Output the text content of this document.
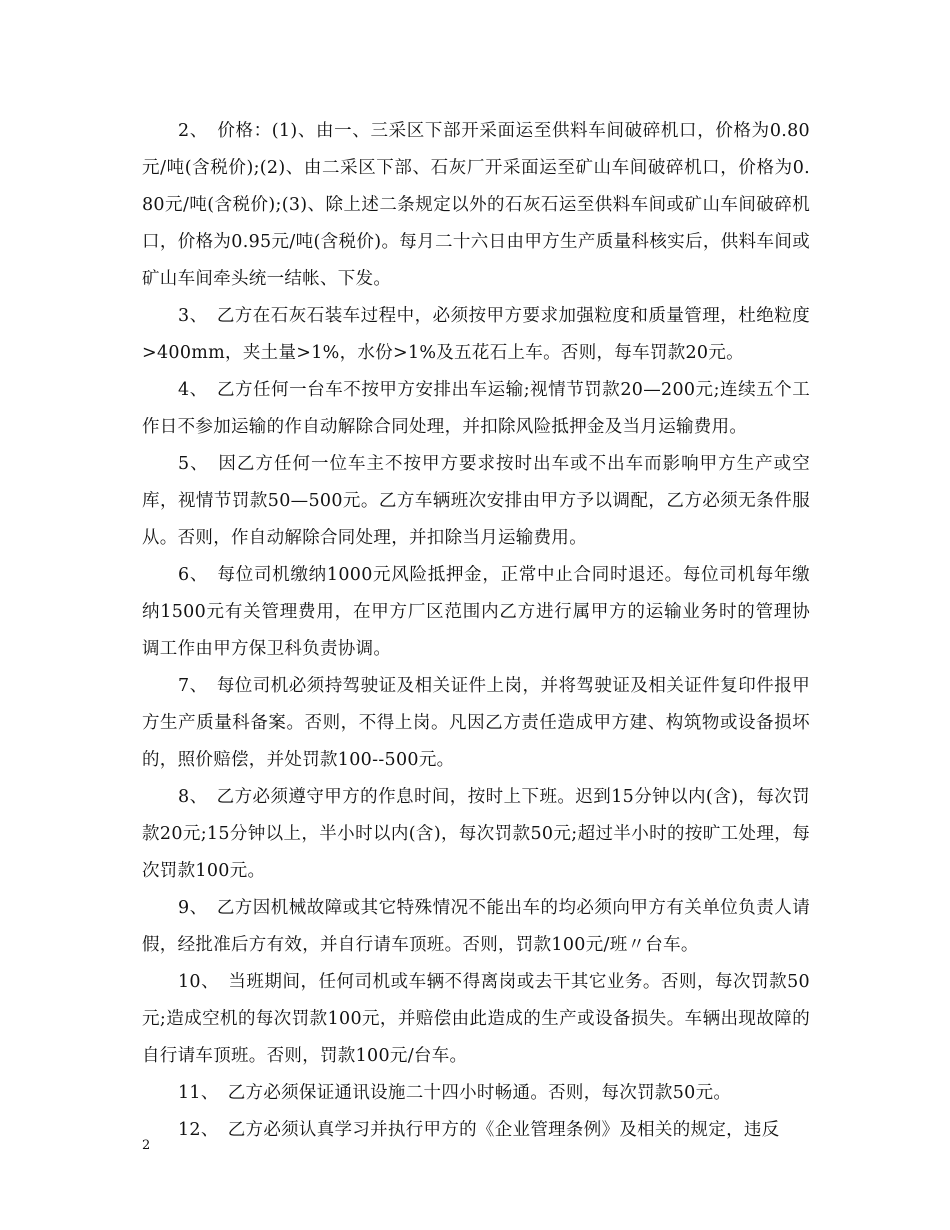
2、　价格：(1)、由一、三采区下部开采面运至供料车间破碎机口，价格为0.80元/吨(含税价);(2)、由二采区下部、石灰厂开采面运至矿山车间破碎机口，价格为0.80元/吨(含税价);(3)、除上述二条规定以外的石灰石运至供料车间或矿山车间破碎机口，价格为0.95元/吨(含税价)。每月二十六日由甲方生产质量科核实后，供料车间或矿山车间牵头统一结帐、下发。

3、　乙方在石灰石装车过程中，必须按甲方要求加强粒度和质量管理，杜绝粒度>400mm，夹土量>1%，水份>1%及五花石上车。否则，每车罚款20元。

4、　乙方任何一台车不按甲方安排出车运输;视情节罚款20—200元;连续五个工作日不参加运输的作自动解除合同处理，并扣除风险抵押金及当月运输费用。

5、　因乙方任何一位车主不按甲方要求按时出车或不出车而影响甲方生产或空库，视情节罚款50—500元。乙方车辆班次安排由甲方予以调配，乙方必须无条件服从。否则，作自动解除合同处理，并扣除当月运输费用。

6、　每位司机缴纳1000元风险抵押金，正常中止合同时退还。每位司机每年缴纳1500元有关管理费用，在甲方厂区范围内乙方进行属甲方的运输业务时的管理协调工作由甲方保卫科负责协调。

7、　每位司机必须持驾驶证及相关证件上岗，并将驾驶证及相关证件复印件报甲方生产质量科备案。否则，不得上岗。凡因乙方责任造成甲方建、构筑物或设备损坏的，照价赔偿，并处罚款100--500元。

8、　乙方必须遵守甲方的作息时间，按时上下班。迟到15分钟以内(含)，每次罚款20元;15分钟以上，半小时以内(含)，每次罚款50元;超过半小时的按旷工处理，每次罚款100元。

9、　乙方因机械故障或其它特殊情况不能出车的均必须向甲方有关单位负责人请假，经批准后方有效，并自行请车顶班。否则，罚款100元/班〃台车。

10、　当班期间，任何司机或车辆不得离岗或去干其它业务。否则，每次罚款50元;造成空机的每次罚款100元，并赔偿由此造成的生产或设备损失。车辆出现故障的自行请车顶班。否则，罚款100元/台车。

11、　乙方必须保证通讯设施二十四小时畅通。否则，每次罚款50元。

12、　乙方必须认真学习并执行甲方的《企业管理条例》及相关的规定，违反

2
